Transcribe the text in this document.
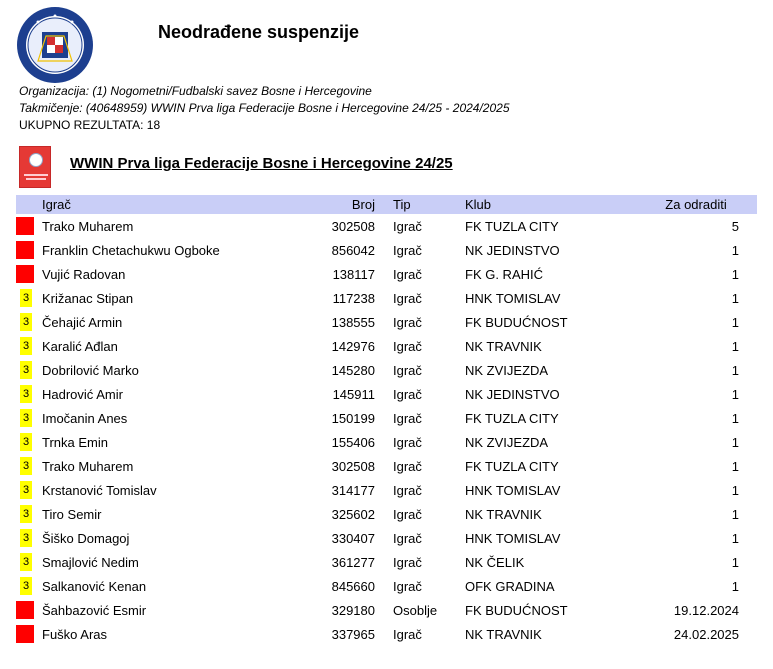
Neodrađene suspenzije
Organizacija: (1) Nogometni/Fudbalski savez Bosne i Hercegovine
Takmičenje: (40648959) WWIN Prva liga Federacije Bosne i Hercegovine 24/25 - 2024/2025
UKUPNO REZULTATA: 18
WWIN Prva liga Federacije Bosne i Hercegovine 24/25
	Igrač	Broj	Tip	Klub	Za odraditi

	Trako Muharem	302508	Igrač	FK TUZLA CITY	5

	Franklin Chetachukwu Ogboke	856042	Igrač	NK JEDINSTVO	1

	Vujić Radovan	138117	Igrač	FK G. RAHIĆ	1

3	Križanac Stipan	117238	Igrač	HNK TOMISLAV	1

3	Čehajić Armin	138555	Igrač	FK BUDUĆNOST	1

3	Karalić Ađlan	142976	Igrač	NK TRAVNIK	1

3	Dobrilović Marko	145280	Igrač	NK ZVIJEZDA	1

3	Hadrović Amir	145911	Igrač	NK JEDINSTVO	1

3	Imočanin Anes	150199	Igrač	FK TUZLA CITY	1

3	Trnka Emin	155406	Igrač	NK ZVIJEZDA	1

3	Trako Muharem	302508	Igrač	FK TUZLA CITY	1

3	Krstanović Tomislav	314177	Igrač	HNK TOMISLAV	1

3	Tiro Semir	325602	Igrač	NK TRAVNIK	1

3	Šiško Domagoj	330407	Igrač	HNK TOMISLAV	1

3	Smajlović Nedim	361277	Igrač	NK ČELIK	1

3	Salkanović Kenan	845660	Igrač	OFK GRADINA	1

	Šahbazović Esmir	329180	Osoblje	FK BUDUĆNOST	19.12.2024

	Fuško Aras	337965	Igrač	NK TRAVNIK	24.02.2025
